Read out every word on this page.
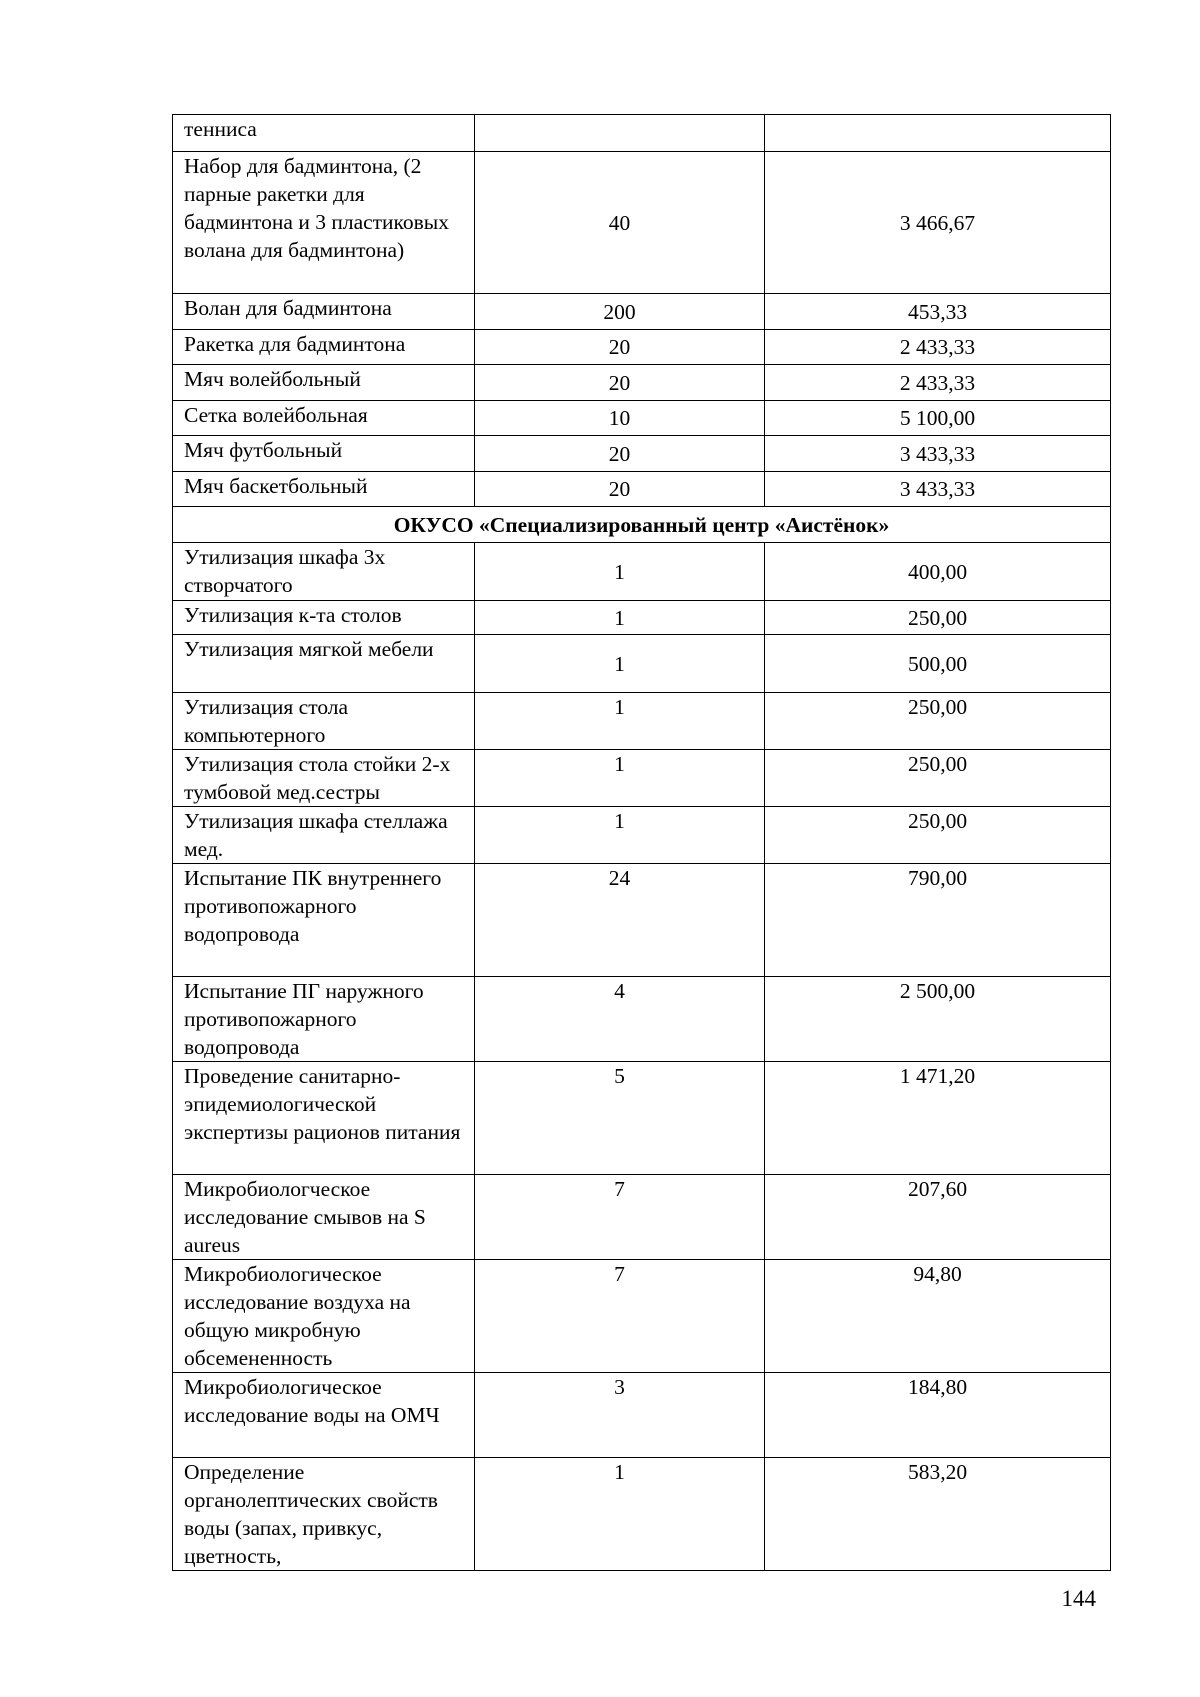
тенниса		
Набор для бадминтона, (2 парные ракетки для бадминтона и 3 пластиковых волана для бадминтона)	40	3 466,67
Волан для бадминтона	200	453,33
Ракетка для бадминтона	20	2 433,33
Мяч волейбольный	20	2 433,33
Сетка волейбольная	10	5 100,00
Мяч футбольный	20	3 433,33
Мяч баскетбольный	20	3 433,33
ОКУСО «Специализированный центр «Аистёнок»		
Утилизация шкафа 3х створчатого	1	400,00
Утилизация к-та столов	1	250,00
Утилизация мягкой мебели	1	500,00
Утилизация стола компьютерного	1	250,00
Утилизация стола стойки 2-х тумбовой мед.сестры	1	250,00
Утилизация шкафа стеллажа мед.	1	250,00
Испытание ПК внутреннего противопожарного водопровода	24	790,00
Испытание ПГ наружного противопожарного водопровода	4	2 500,00
Проведение санитарно-эпидемиологической экспертизы рационов питания	5	1 471,20
Микробиологческое исследование смывов на S aureus	7	207,60
Микробиологическое исследование воздуха на общую микробную обсемененность	7	94,80
Микробиологическое исследование воды на ОМЧ	3	184,80
Определение органолептических свойств воды (запах, привкус, цветность,	1	583,20
144
